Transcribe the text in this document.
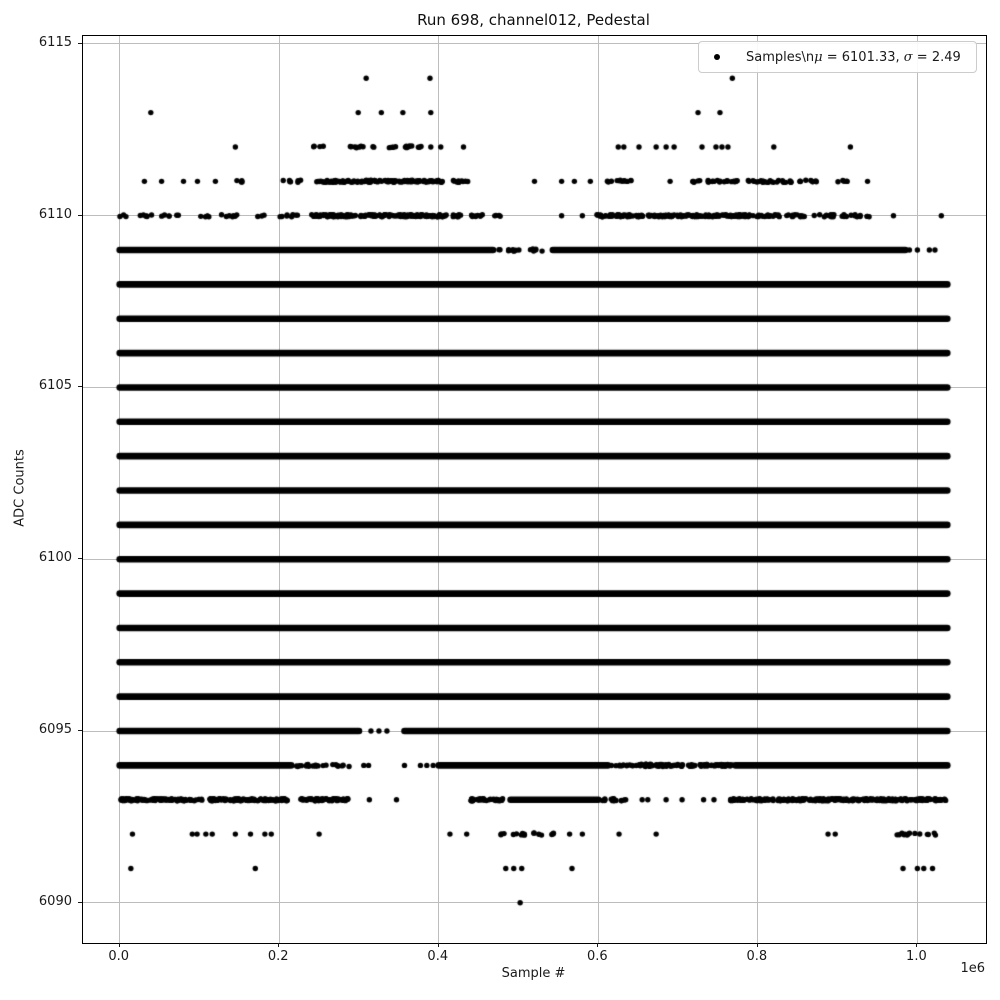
Run 698, channel012, Pedestal
Samples\nμ = 6101.33, σ = 2.49
Sample #	1e6
ADC Counts
0.0	0.2	0.4	0.6	0.8	1.0
6090
6095
6100
6105
6110
6115
